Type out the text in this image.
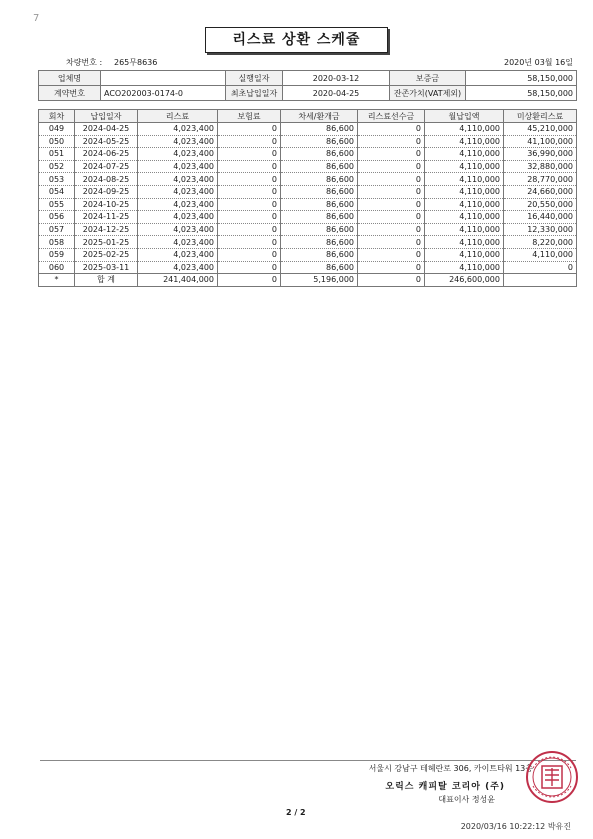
7
리스료 상환 스케쥴
차량번호 : 265무8636	2020년 03월 16일
업체명		실행일자	2020-03-12	보증금	58,150,000
계약번호	ACO202003-0174-0	최초납입일자	2020-04-25	잔존가치(VAT제외)	58,150,000
회차	납입일자	리스료	보험료	차세/환개금	리스료선수금	월납입액	미상환리스료
049	2024-04-25	4,023,400	0	86,600	0	4,110,000	45,210,000
050	2024-05-25	4,023,400	0	86,600	0	4,110,000	41,100,000
051	2024-06-25	4,023,400	0	86,600	0	4,110,000	36,990,000
052	2024-07-25	4,023,400	0	86,600	0	4,110,000	32,880,000
053	2024-08-25	4,023,400	0	86,600	0	4,110,000	28,770,000
054	2024-09-25	4,023,400	0	86,600	0	4,110,000	24,660,000
055	2024-10-25	4,023,400	0	86,600	0	4,110,000	20,550,000
056	2024-11-25	4,023,400	0	86,600	0	4,110,000	16,440,000
057	2024-12-25	4,023,400	0	86,600	0	4,110,000	12,330,000
058	2025-01-25	4,023,400	0	86,600	0	4,110,000	8,220,000
059	2025-02-25	4,023,400	0	86,600	0	4,110,000	4,110,000
060	2025-03-11	4,023,400	0	86,600	0	4,110,000	0
*	합 계	241,404,000	0	5,196,000	0	246,600,000	
서울시 강남구 테헤란로 306, 카이트타워 13층
오릭스 캐피탈 코리아 (주)
대표이사 정성윤
2 / 2
2020/03/16 10:22:12 박유진
